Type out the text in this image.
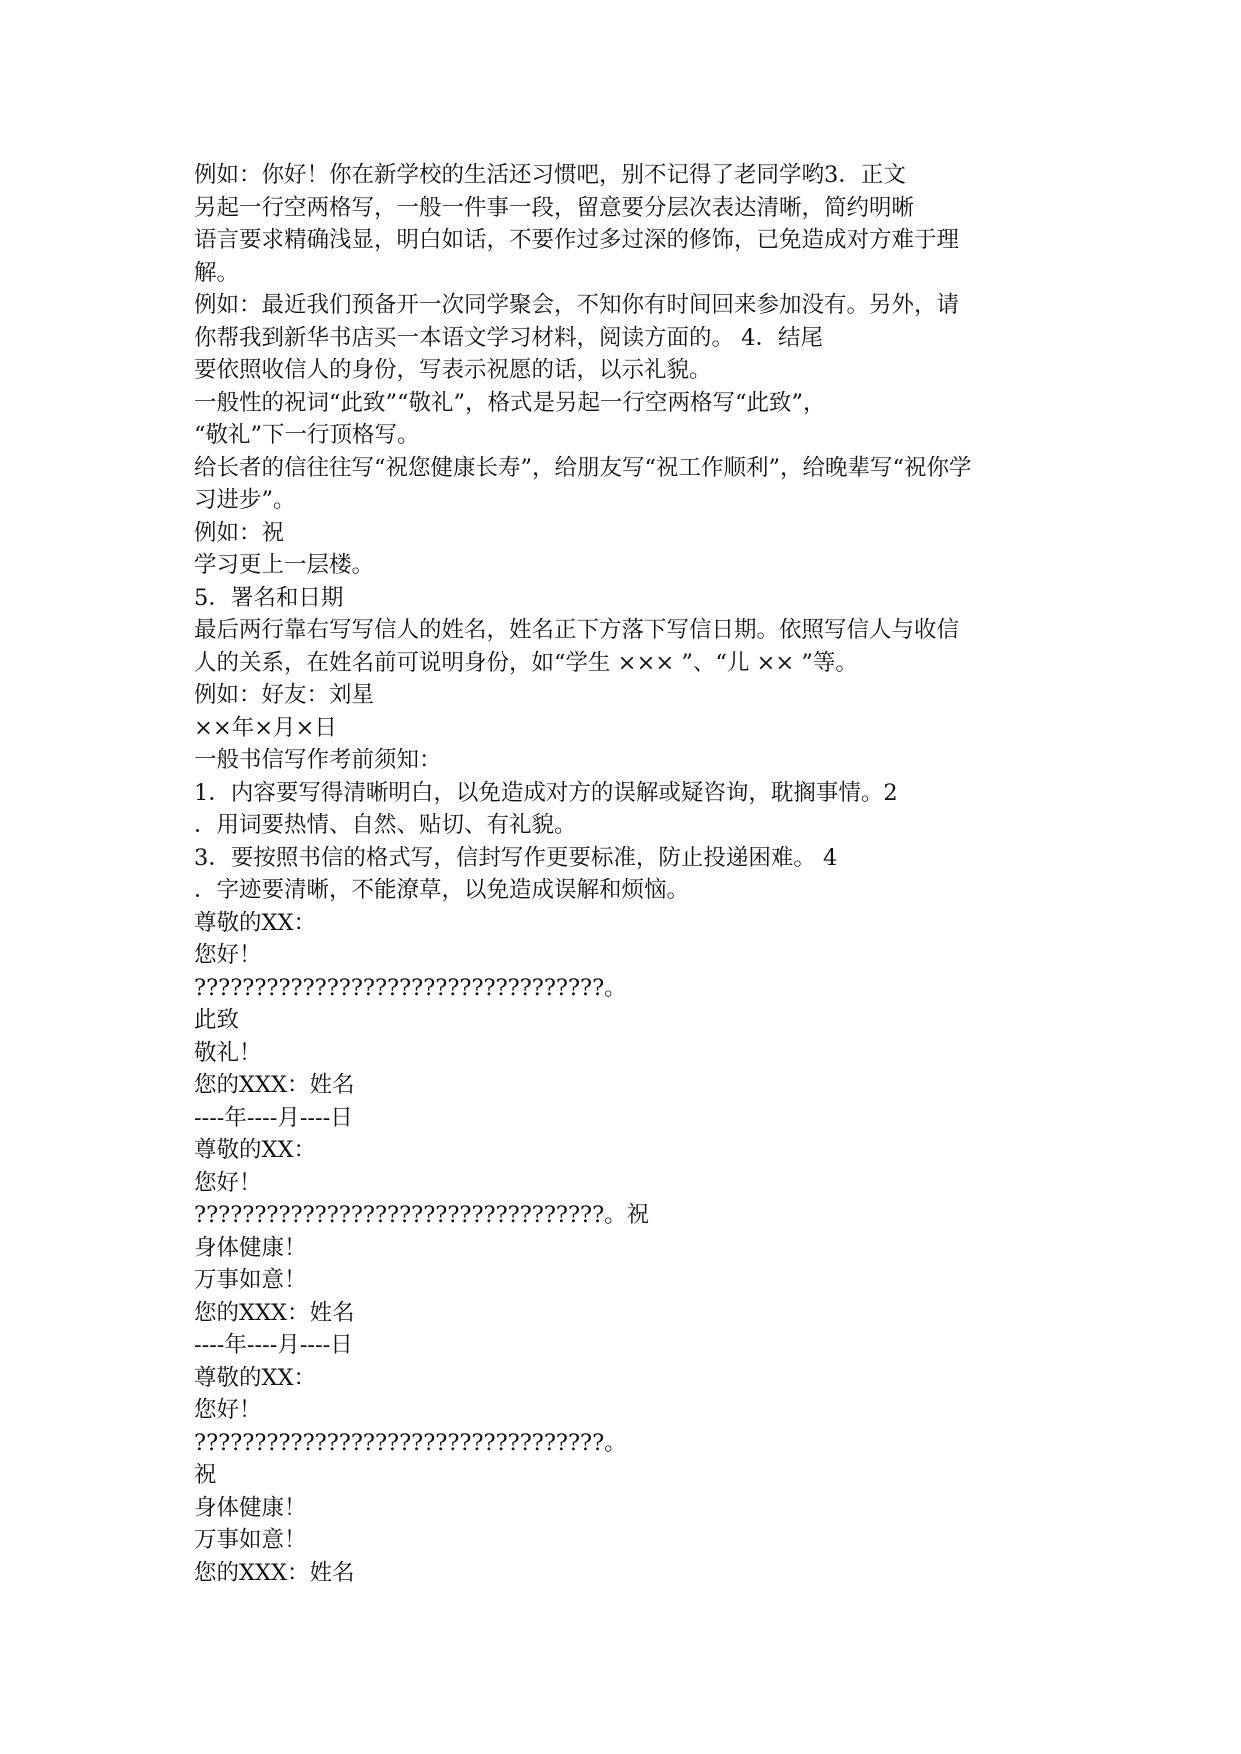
例如：你好！你在新学校的生活还习惯吧，别不记得了老同学哟3．正文
另起一行空两格写，一般一件事一段，留意要分层次表达清晰，简约明晰
语言要求精确浅显，明白如话，不要作过多过深的修饰，已免造成对方难于理
解。
例如：最近我们预备开一次同学聚会，不知你有时间回来参加没有。另外，请
你帮我到新华书店买一本语文学习材料，阅读方面的。 4．结尾
要依照收信人的身份，写表示祝愿的话，以示礼貌。
一般性的祝词“此致”“敬礼”，格式是另起一行空两格写“此致”，
“敬礼”下一行顶格写。
给长者的信往往写“祝您健康长寿”，给朋友写“祝工作顺利”，给晚辈写“祝你学
习进步”。
例如：祝
学习更上一层楼。
5．署名和日期
最后两行靠右写写信人的姓名，姓名正下方落下写信日期。依照写信人与收信
人的关系，在姓名前可说明身份，如“学生 ××× ”、“儿 ×× ”等。
例如：好友：刘星
××年×月×日
一般书信写作考前须知：
1．内容要写得清晰明白，以免造成对方的误解或疑咨询，耽搁事情。2
．用词要热情、自然、贴切、有礼貌。
3．要按照书信的格式写，信封写作更要标准，防止投递困难。 4
．字迹要清晰，不能潦草，以免造成误解和烦恼。
尊敬的XX：
您好！
??????????????????????????????????。
此致
敬礼！
您的XXX：姓名
----年----月----日
尊敬的XX：
您好！
??????????????????????????????????。祝
身体健康！
万事如意！
您的XXX：姓名
----年----月----日
尊敬的XX：
您好！
??????????????????????????????????。
祝
身体健康！
万事如意！
您的XXX：姓名
